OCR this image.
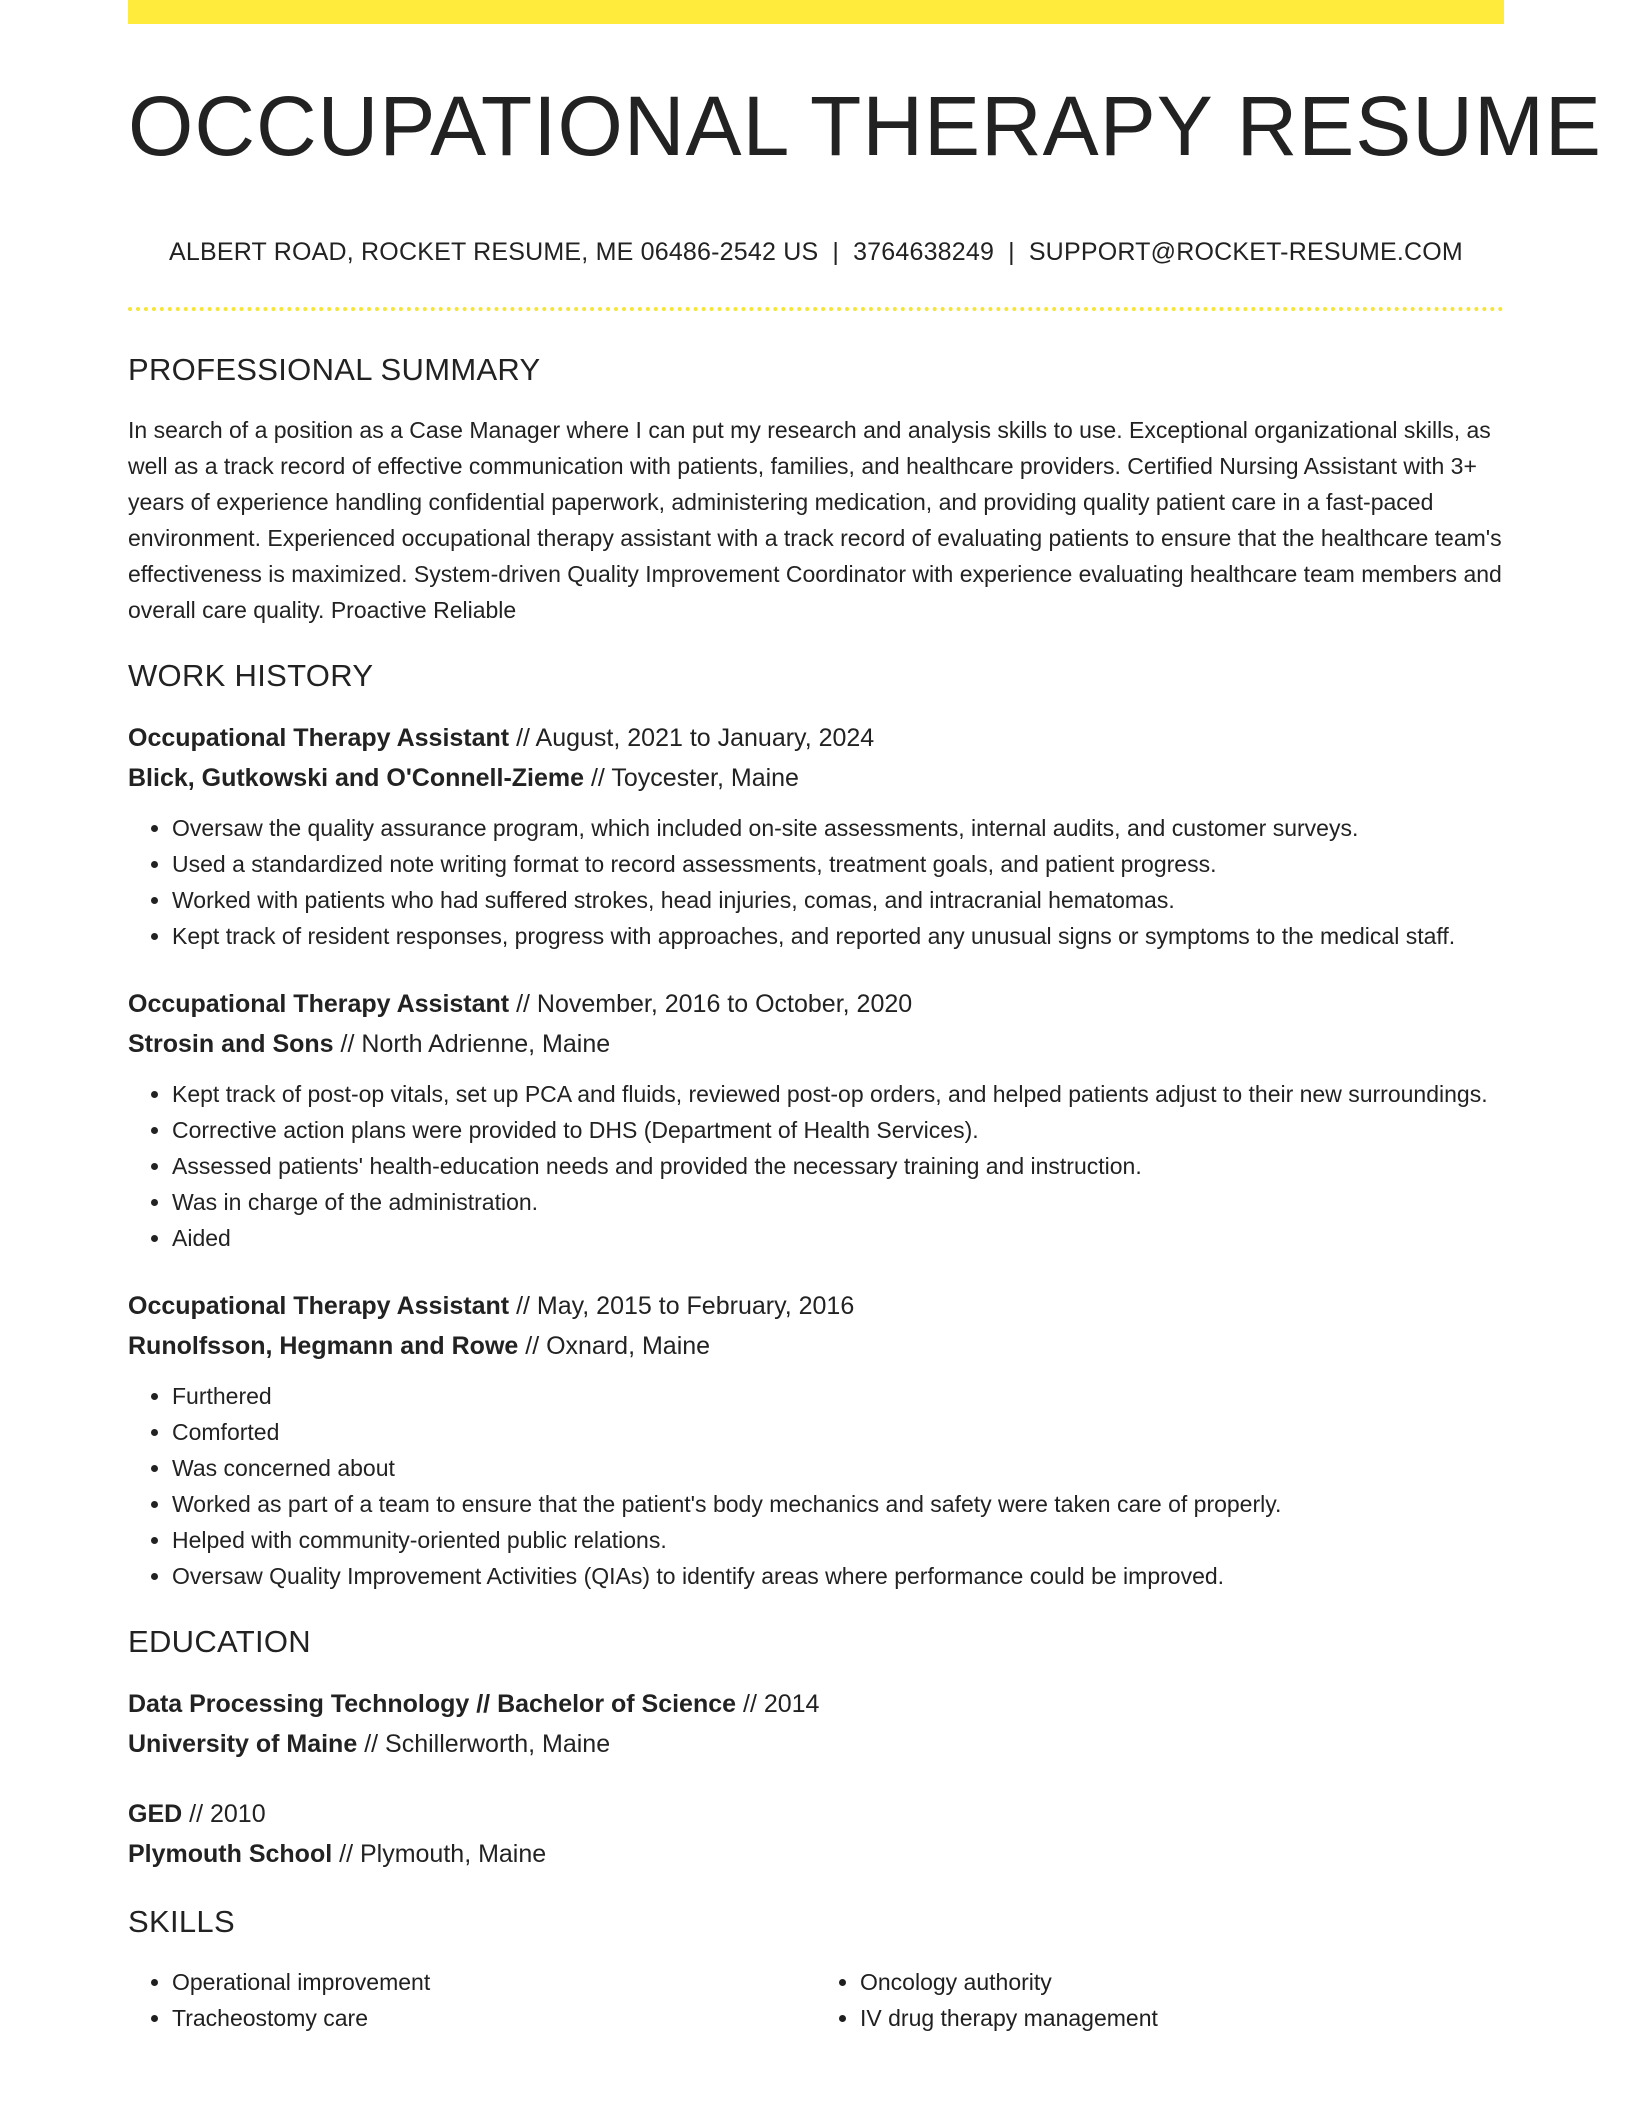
OCCUPATIONAL THERAPY RESUME
ALBERT ROAD, ROCKET RESUME, ME 06486-2542 US | 3764638249 | SUPPORT@ROCKET-RESUME.COM
PROFESSIONAL SUMMARY

In search of a position as a Case Manager where I can put my research and analysis skills to use. Exceptional organizational skills, as well as a track record of effective communication with patients, families, and healthcare providers. Certified Nursing Assistant with 3+ years of experience handling confidential paperwork, administering medication, and providing quality patient care in a fast-paced environment. Experienced occupational therapy assistant with a track record of evaluating patients to ensure that the healthcare team's effectiveness is maximized. System-driven Quality Improvement Coordinator with experience evaluating healthcare team members and overall care quality. Proactive Reliable

WORK HISTORY
Occupational Therapy Assistant // August, 2021 to January, 2024
Blick, Gutkowski and O'Connell-Zieme // Toycester, Maine
• Oversaw the quality assurance program, which included on-site assessments, internal audits, and customer surveys.
• Used a standardized note writing format to record assessments, treatment goals, and patient progress.
• Worked with patients who had suffered strokes, head injuries, comas, and intracranial hematomas.
• Kept track of resident responses, progress with approaches, and reported any unusual signs or symptoms to the medical staff.
Occupational Therapy Assistant // November, 2016 to October, 2020
Strosin and Sons // North Adrienne, Maine
• Kept track of post-op vitals, set up PCA and fluids, reviewed post-op orders, and helped patients adjust to their new surroundings.
• Corrective action plans were provided to DHS (Department of Health Services).
• Assessed patients' health-education needs and provided the necessary training and instruction.
• Was in charge of the administration.
• Aided
Occupational Therapy Assistant // May, 2015 to February, 2016
Runolfsson, Hegmann and Rowe // Oxnard, Maine
• Furthered
• Comforted
• Was concerned about
• Worked as part of a team to ensure that the patient's body mechanics and safety were taken care of properly.
• Helped with community-oriented public relations.
• Oversaw Quality Improvement Activities (QIAs) to identify areas where performance could be improved.
EDUCATION
Data Processing Technology // Bachelor of Science // 2014
University of Maine // Schillerworth, Maine
GED // 2010
Plymouth School // Plymouth, Maine
SKILLS
• Operational improvement
• Tracheostomy care
• Oncology authority
• IV drug therapy management
